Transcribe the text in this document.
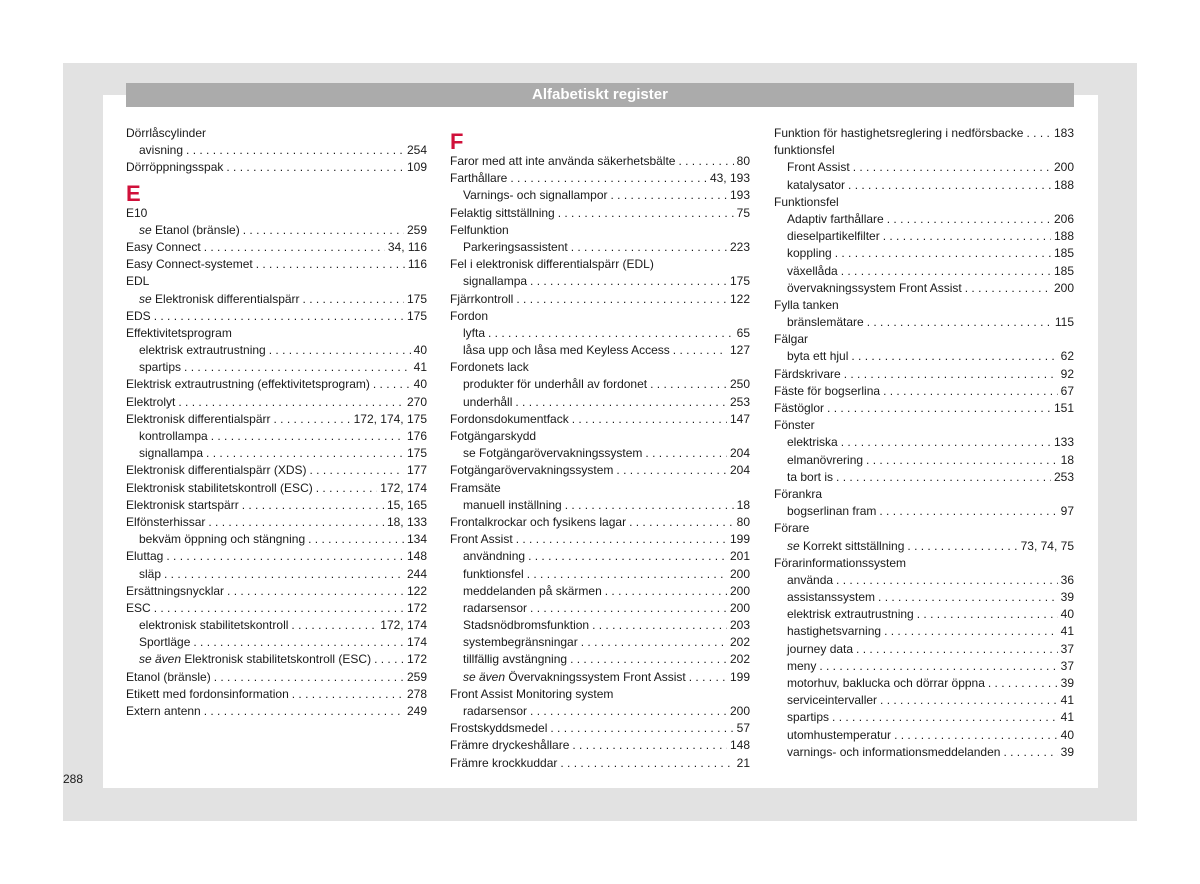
Alfabetiskt register
Dörrlåscylinder
avisning . . .	254
Dörröppningsspak . . .	109
E
E10
se Etanol (bränsle) . . .	259
Easy Connect . . .	34, 116
Easy Connect-systemet . . .	116
EDL
se Elektronisk differentialspärr . . .	175
EDS . . .	175
Effektivitetsprogram
elektrisk extrautrustning . . .	40
spartips . . .	41
Elektrisk extrautrustning (effektivitetsprogram) . . .	40
Elektrolyt . . .	270
Elektronisk differentialspärr . . .	172, 174, 175
kontrollampa . . .	176
signallampa . . .	175
Elektronisk differentialspärr (XDS) . . .	177
Elektronisk stabilitetskontroll (ESC) . . .	172, 174
Elektronisk startspärr . . .	15, 165
Elfönsterhissar . . .	18, 133
bekväm öppning och stängning . . .	134
Eluttag . . .	148
släp . . .	244
Ersättningsnycklar . . .	122
ESC . . .	172
elektronisk stabilitetskontroll . . .	172, 174
Sportläge . . .	174
se även Elektronisk stabilitetskontroll (ESC) . . .	172
Etanol (bränsle) . . .	259
Etikett med fordonsinformation . . .	278
Extern antenn . . .	249
F
Faror med att inte använda säkerhetsbälte . . .	80
Farthållare . . .	43, 193
Varnings- och signallampor . . .	193
Felaktig sittställning . . .	75
Felfunktion
Parkeringsassistent . . .	223
Fel i elektronisk differentialspärr (EDL)
signallampa . . .	175
Fjärrkontroll . . .	122
Fordon
lyfta . . .	65
låsa upp och låsa med Keyless Access . . .	127
Fordonets lack
produkter för underhåll av fordonet . . .	250
underhåll . . .	253
Fordonsdokumentfack . . .	147
Fotgängarskydd
se Fotgängarövervakningssystem . . .	204
Fotgängarövervakningssystem . . .	204
Framsäte
manuell inställning . . .	18
Frontalkrockar och fysikens lagar . . .	80
Front Assist . . .	199
användning . . .	201
funktionsfel . . .	200
meddelanden på skärmen . . .	200
radarsensor . . .	200
Stadsnödbromsfunktion . . .	203
systembegränsningar . . .	202
tillfällig avstängning . . .	202
se även Övervakningssystem Front Assist . . .	199
Front Assist Monitoring system
radarsensor . . .	200
Frostskyddsmedel . . .	57
Främre dryckeshållare . . .	148
Främre krockkuddar . . .	21
Funktion för hastighetsreglering i nedförsbacke . . .	183
funktionsfel
Front Assist . . .	200
katalysator . . .	188
Funktionsfel
Adaptiv farthållare . . .	206
dieselpartikelfilter . . .	188
koppling . . .	185
växellåda . . .	185
övervakningssystem Front Assist . . .	200
Fylla tanken
bränslemätare . . .	115
Fälgar
byta ett hjul . . .	62
Färdskrivare . . .	92
Fäste för bogserlina . . .	67
Fästöglor . . .	151
Fönster
elektriska . . .	133
elmanövrering . . .	18
ta bort is . . .	253
Förankra
bogserlinan fram . . .	97
Förare
se Korrekt sittställning . . .	73, 74, 75
Förarinformationssystem
använda . . .	36
assistanssystem . . .	39
elektrisk extrautrustning . . .	40
hastighetsvarning . . .	41
journey data . . .	37
meny . . .	37
motorhuv, baklucka och dörrar öppna . . .	39
serviceintervaller . . .	41
spartips . . .	41
utomhustemperatur . . .	40
varnings- och informationsmeddelanden . . .	39
288
